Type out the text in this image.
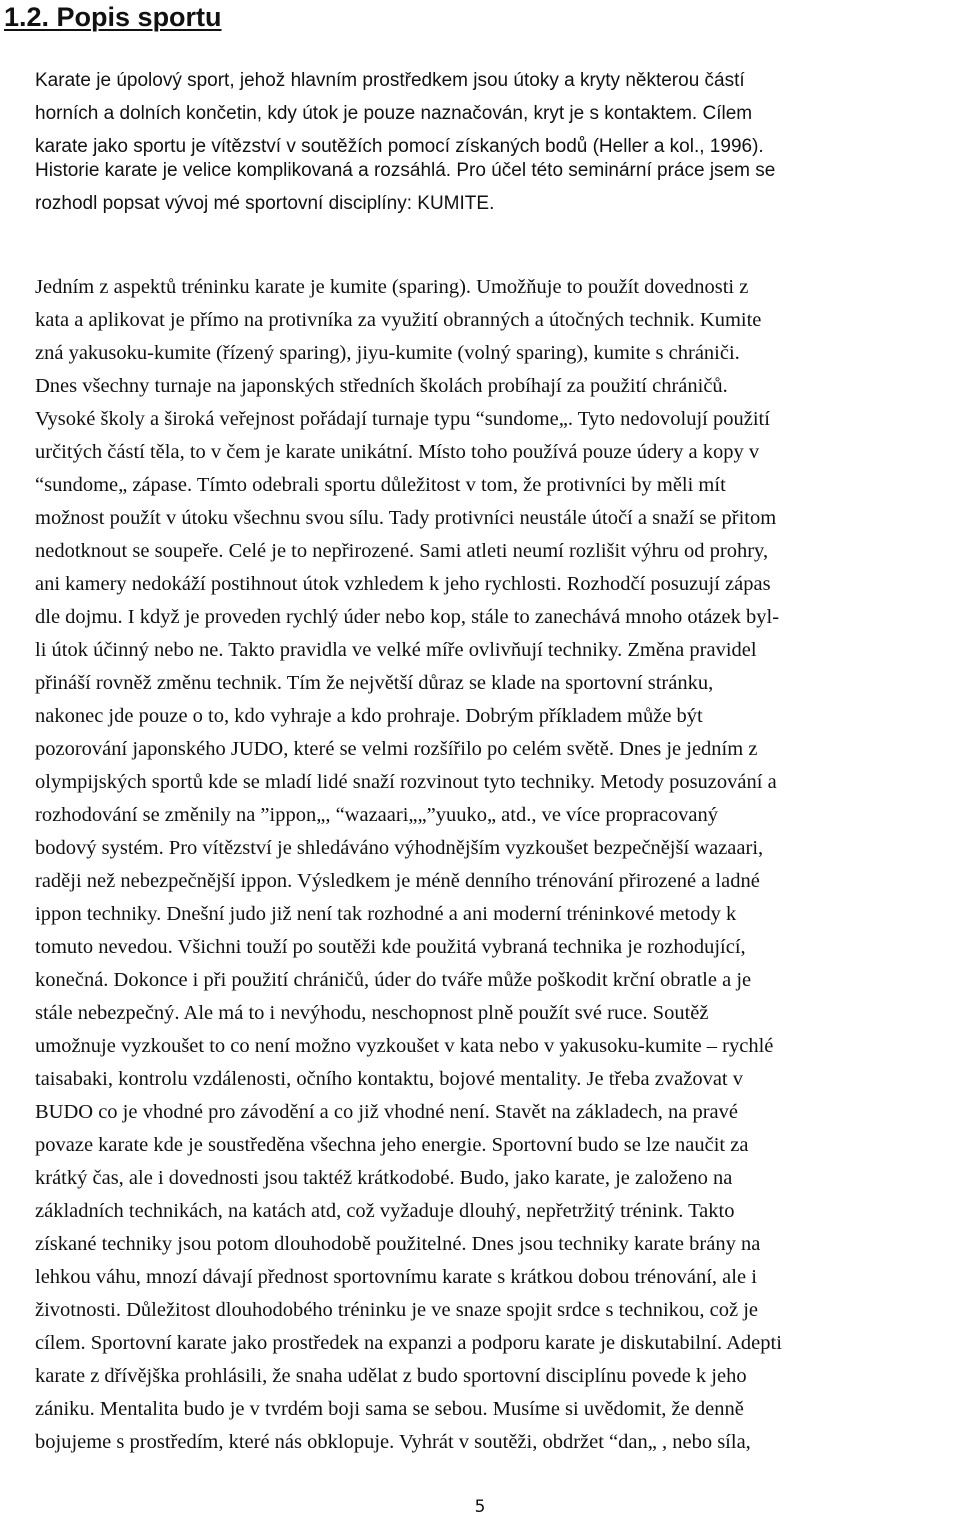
1.2. Popis sportu

Karate je úpolový sport, jehož hlavním prostředkem jsou útoky a kryty některou částí
horních a dolních končetin, kdy útok je pouze naznačován, kryt je s kontaktem. Cílem
karate jako sportu je vítězství v soutěžích pomocí získaných bodů (Heller a kol., 1996).

Historie karate je velice komplikovaná a rozsáhlá. Pro účel této seminární práce jsem se
rozhodl popsat vývoj mé sportovní disciplíny: KUMITE.

Jedním z aspektů tréninku karate je kumite (sparing). Umožňuje to použít dovednosti z
kata a aplikovat je přímo na protivníka za využití obranných a útočných technik. Kumite
zná yakusoku-kumite (řízený sparing), jiyu-kumite (volný sparing), kumite s chrániči.
Dnes všechny turnaje na japonských středních školách probíhají za použití chráničů.
Vysoké školy a široká veřejnost pořádají turnaje typu “sundome„. Tyto nedovolují použití
určitých částí těla, to v čem je karate unikátní. Místo toho používá pouze údery a kopy v
“sundome„ zápase. Tímto odebrali sportu důležitost v tom, že protivníci by měli mít
možnost použít v útoku všechnu svou sílu. Tady protivníci neustále útočí a snaží se přitom
nedotknout se soupeře. Celé je to nepřirozené. Sami atleti neumí rozlišit výhru od prohry,
ani kamery nedokáží postihnout útok vzhledem k jeho rychlosti. Rozhodčí posuzují zápas
dle dojmu. I když je proveden rychlý úder nebo kop, stále to zanechává mnoho otázek byl-
li útok účinný nebo ne. Takto pravidla ve velké míře ovlivňují techniky. Změna pravidel
přináší rovněž změnu technik. Tím že největší důraz se klade na sportovní stránku,
nakonec jde pouze o to, kdo vyhraje a kdo prohraje. Dobrým příkladem může být
pozorování japonského JUDO, které se velmi rozšířilo po celém světě. Dnes je jedním z
olympijských sportů kde se mladí lidé snaží rozvinout tyto techniky. Metody posuzování a
rozhodování se změnily na ”ippon„, “wazaari„„”yuuko„ atd., ve více propracovaný
bodový systém. Pro vítězství je shledáváno výhodnějším vyzkoušet bezpečnější wazaari,
raději než nebezpečnější ippon. Výsledkem je méně denního trénování přirozené a ladné
ippon techniky. Dnešní judo již není tak rozhodné a ani moderní tréninkové metody k
tomuto nevedou. Všichni touží po soutěži kde použitá vybraná technika je rozhodující,
konečná. Dokonce i při použití chráničů, úder do tváře může poškodit krční obratle a je
stále nebezpečný. Ale má to i nevýhodu, neschopnost plně použít své ruce. Soutěž
umožnuje vyzkoušet to co není možno vyzkoušet v kata nebo v yakusoku-kumite – rychlé
taisabaki, kontrolu vzdálenosti, očního kontaktu, bojové mentality. Je třeba zvažovat v
BUDO co je vhodné pro závodění a co již vhodné není. Stavět na základech, na pravé
povaze karate kde je soustředěna všechna jeho energie. Sportovní budo se lze naučit za
krátký čas, ale i dovednosti jsou taktéž krátkodobé. Budo, jako karate, je založeno na
základních technikách, na katách atd, což vyžaduje dlouhý, nepřetržitý trénink. Takto
získané techniky jsou potom dlouhodobě použitelné. Dnes jsou techniky karate brány na
lehkou váhu, mnozí dávají přednost sportovnímu karate s krátkou dobou trénování, ale i
životnosti. Důležitost dlouhodobého tréninku je ve snaze spojit srdce s technikou, což je
cílem. Sportovní karate jako prostředek na expanzi a podporu karate je diskutabilní. Adepti
karate z dřívějška prohlásili, že snaha udělat z budo sportovní disciplínu povede k jeho
zániku. Mentalita budo je v tvrdém boji sama se sebou. Musíme si uvědomit, že denně
bojujeme s prostředím, které nás obklopuje. Vyhrát v soutěži, obdržet “dan„ , nebo síla,

5
